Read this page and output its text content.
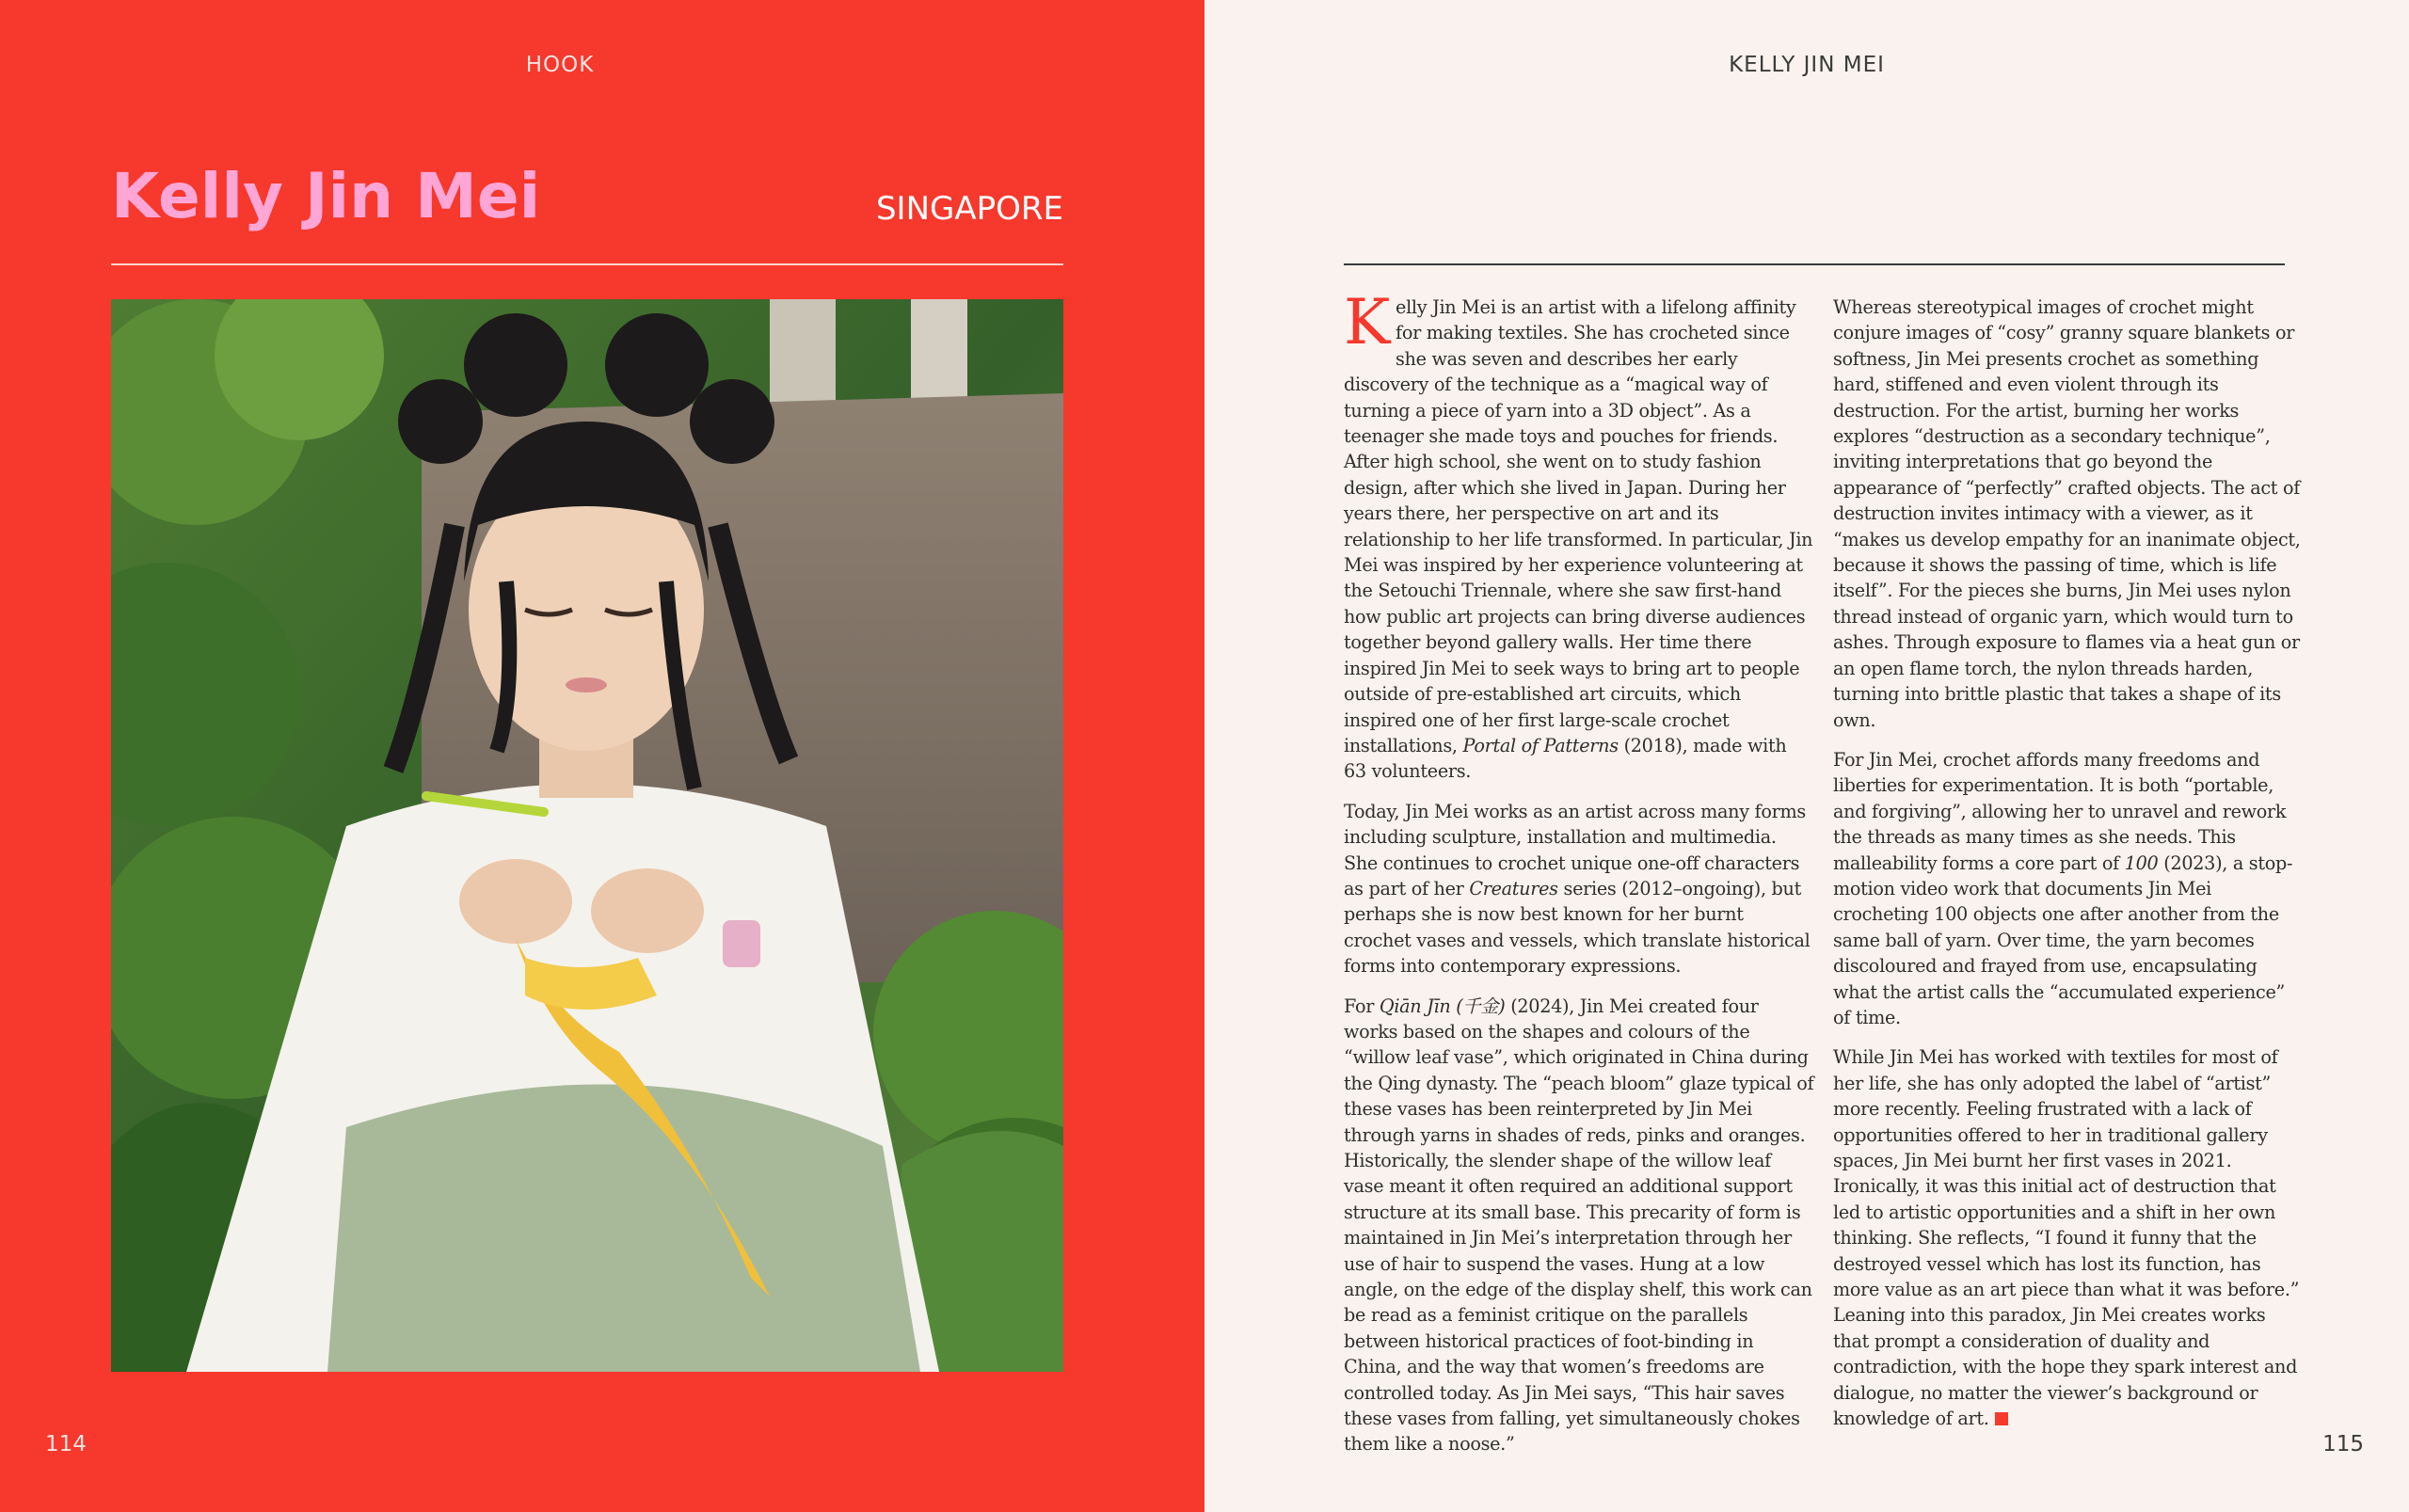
HOOK
Kelly Jin Mei	SINGAPORE
114
KELLY JIN MEI

Kelly Jin Mei is an artist with a lifelong affinity for making textiles. She has crocheted since she was seven and describes her early discovery of the technique as a “magical way of turning a piece of yarn into a 3D object”. As a teenager she made toys and pouches for friends. After high school, she went on to study fashion design, after which she lived in Japan. During her years there, her perspective on art and its relationship to her life transformed. In particular, Jin Mei was inspired by her experience volunteering at the Setouchi Triennale, where she saw first-hand how public art projects can bring diverse audiences together beyond gallery walls. Her time there inspired Jin Mei to seek ways to bring art to people outside of pre-established art circuits, which inspired one of her first large-scale crochet installations, Portal of Patterns (2018), made with 63 volunteers.

Today, Jin Mei works as an artist across many forms including sculpture, installation and multimedia. She continues to crochet unique one-off characters as part of her Creatures series (2012–ongoing), but perhaps she is now best known for her burnt crochet vases and vessels, which translate historical forms into contemporary expressions.

For Qiān Jīn (千金) (2024), Jin Mei created four works based on the shapes and colours of the “willow leaf vase”, which originated in China during the Qing dynasty. The “peach bloom” glaze typical of these vases has been reinterpreted by Jin Mei through yarns in shades of reds, pinks and oranges. Historically, the slender shape of the willow leaf vase meant it often required an additional support structure at its small base. This precarity of form is maintained in Jin Mei’s interpretation through her use of hair to suspend the vases. Hung at a low angle, on the edge of the display shelf, this work can be read as a feminist critique on the parallels between historical practices of foot-binding in China, and the way that women’s freedoms are controlled today. As Jin Mei says, “This hair saves these vases from falling, yet simultaneously chokes them like a noose.”

Whereas stereotypical images of crochet might conjure images of “cosy” granny square blankets or softness, Jin Mei presents crochet as something hard, stiffened and even violent through its destruction. For the artist, burning her works explores “destruction as a secondary technique”, inviting interpretations that go beyond the appearance of “perfectly” crafted objects. The act of destruction invites intimacy with a viewer, as it “makes us develop empathy for an inanimate object, because it shows the passing of time, which is life itself”. For the pieces she burns, Jin Mei uses nylon thread instead of organic yarn, which would turn to ashes. Through exposure to flames via a heat gun or an open flame torch, the nylon threads harden, turning into brittle plastic that takes a shape of its own.

For Jin Mei, crochet affords many freedoms and liberties for experimentation. It is both “portable, and forgiving”, allowing her to unravel and rework the threads as many times as she needs. This malleability forms a core part of 100 (2023), a stop-motion video work that documents Jin Mei crocheting 100 objects one after another from the same ball of yarn. Over time, the yarn becomes discoloured and frayed from use, encapsulating what the artist calls the “accumulated experience” of time.

While Jin Mei has worked with textiles for most of her life, she has only adopted the label of “artist” more recently. Feeling frustrated with a lack of opportunities offered to her in traditional gallery spaces, Jin Mei burnt her first vases in 2021. Ironically, it was this initial act of destruction that led to artistic opportunities and a shift in her own thinking. She reflects, “I found it funny that the destroyed vessel which has lost its function, has more value as an art piece than what it was before.” Leaning into this paradox, Jin Mei creates works that prompt a consideration of duality and contradiction, with the hope they spark interest and dialogue, no matter the viewer’s background or knowledge of art.

115
